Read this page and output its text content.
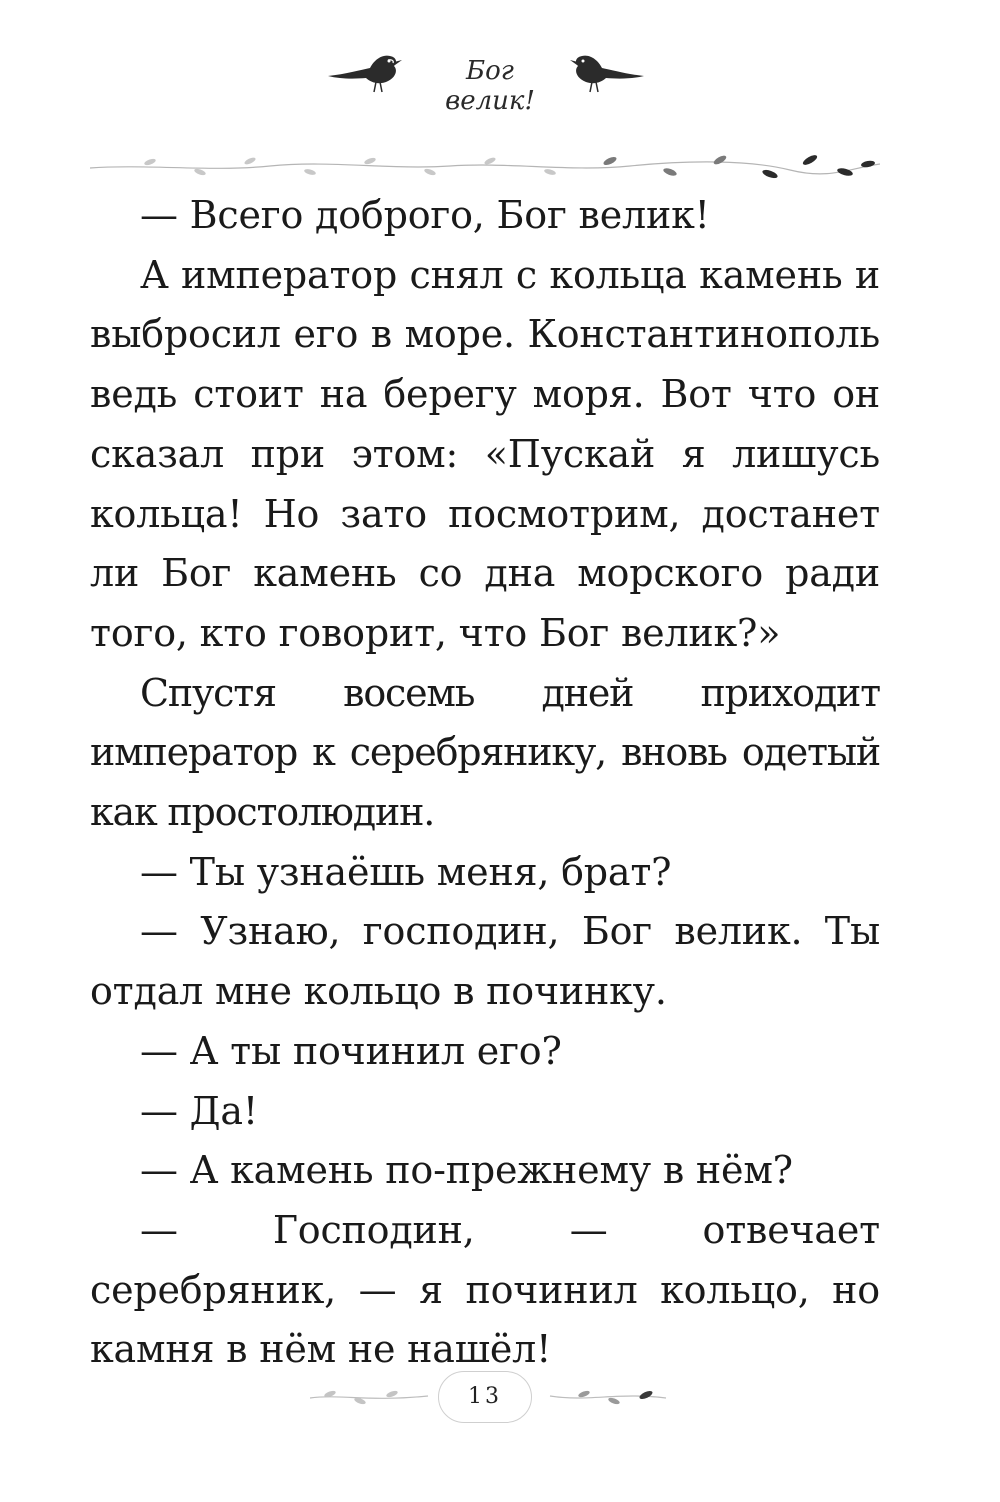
Бог велик!

— Всего доброго, Бог велик!

А император снял с кольца камень и выбросил его в море. Константинополь ведь стоит на берегу моря. Вот что он сказал при этом: «Пускай я лишусь кольца! Но зато посмотрим, достанет ли Бог камень со дна морского ради того, кто говорит, что Бог велик?»

Спустя восемь дней приходит император к серебрянику, вновь одетый как простолюдин.

— Ты узнаёшь меня, брат?

— Узнаю, господин, Бог велик. Ты отдал мне кольцо в починку.

— А ты починил его?

— Да!

— А камень по-прежнему в нём?

— Господин, — отвечает серебряник, — я починил кольцо, но камня в нём не нашёл!

13
